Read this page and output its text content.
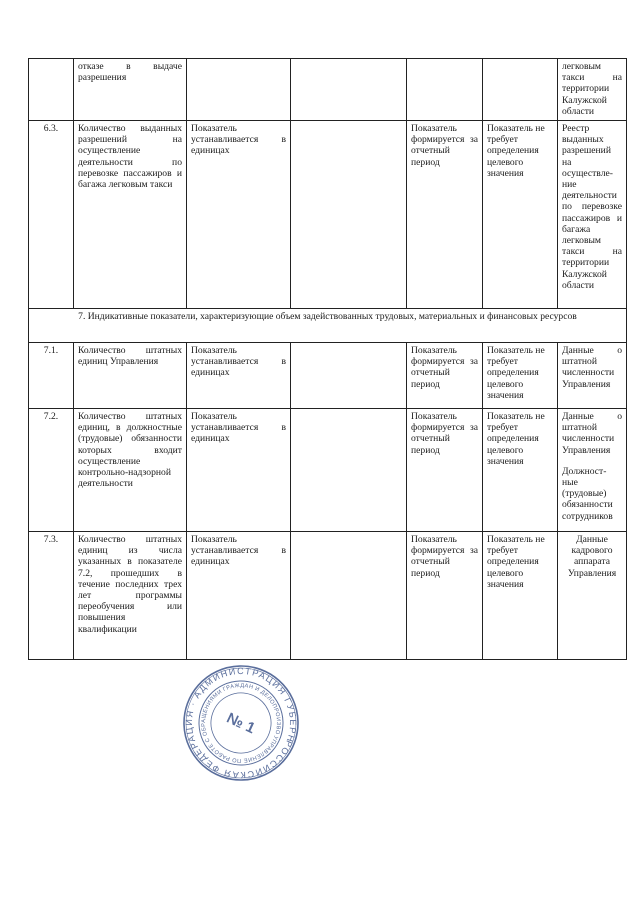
	отказе в выдаче разрешения					легковым такси на территории Калужской области
6.3.	Количество выданных разрешений на осуществление деятельности по перевозке пассажиров и багажа легковым такси	Показатель устанавливается в единицах		Показатель формируется за отчетный период	Показатель не требует определения целевого значения	Реестр выданных разрешений на осуществле-ние деятельности по перевозке пассажиров и багажа легковым такси на территории Калужской области
7. Индикативные показатели, характеризующие объем задействованных трудовых, материальных и финансовых ресурсов						
7.1.	Количество штатных единиц Управления	Показатель устанавливается в единицах		Показатель формируется за отчетный период	Показатель не требует определения целевого значения	Данные о штатной численности Управления
7.2.	Количество штатных единиц, в должностные (трудовые) обязанности которых входит осуществление контрольно-надзорной деятельности	Показатель устанавливается в единицах		Показатель формируется за отчетный период	Показатель не требует определения целевого значения	Данные о штатной численности Управления
Должност-ные (трудовые) обязанности сотрудников

7.3.	Количество штатных единиц из числа указанных в показателе 7.2, прошедших в течение последних трех лет программы переобучения или повышения квалификации	Показатель устанавливается в единицах		Показатель формируется за отчетный период	Показатель не требует определения целевого значения	Данные кадрового аппарата Управления
РОССИЙСКАЯ ФЕДЕРАЦИЯ · АДМИНИСТРАЦИЯ ГУБЕРНАТОРА
УПРАВЛЕНИЕ ПО РАБОТЕ С ОБРАЩЕНИЯМИ ГРАЖДАН И ДЕЛОПРОИЗВОДСТВУ
№ 1
